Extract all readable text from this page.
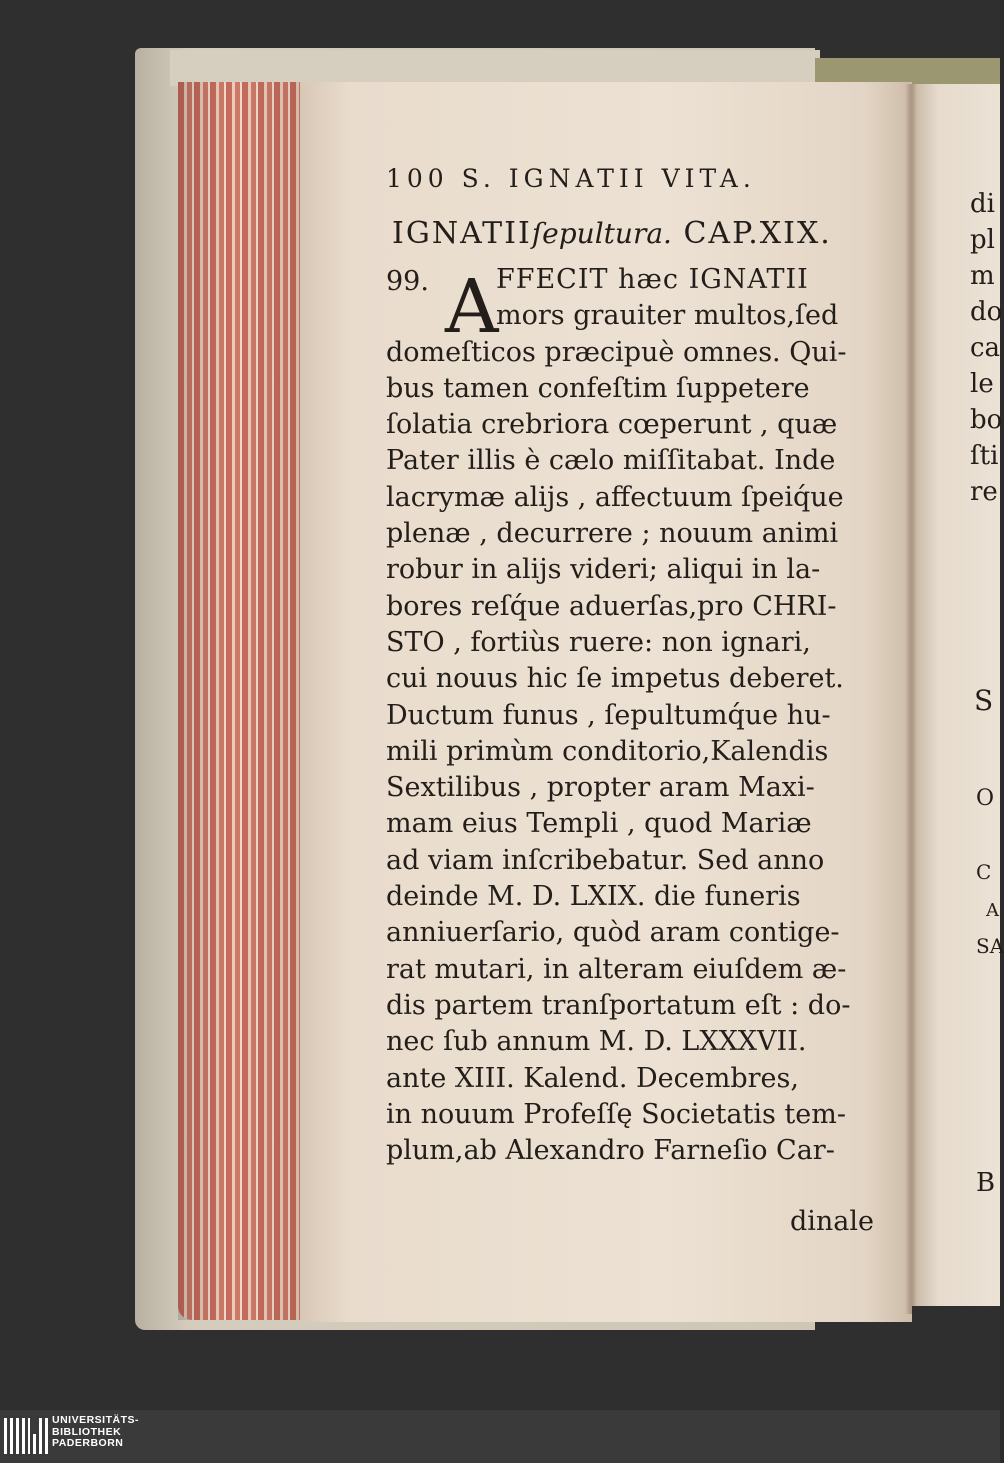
100 S. IGNATII VITA.
IGNATIIſepultura. CAP.XIX.
99. A
FFECIT hæc IGNATII
mors grauiter multos,ſed
domeſticos præcipuè omnes. Qui-
bus tamen confeſtim ſuppetere
ſolatia crebriora cœperunt , quæ
Pater illis è cælo miſſitabat. Inde
lacrymæ alijs , affectuum ſpeiq́ue
plenæ , decurrere ; nouum animi
robur in alijs videri; aliqui in la-
bores reſq́ue aduerſas,pro CHRI-
STO , fortiùs ruere: non ignari,
cui nouus hic ſe impetus deberet.
Ductum funus , ſepultumq́ue hu-
mili primùm conditorio,Kalendis
Sextilibus , propter aram Maxi-
mam eius Templi , quod Mariæ
ad viam inſcribebatur. Sed anno
deinde M. D. LXIX. die funeris
anniuerſario, quòd aram contige-
rat mutari, in alteram eiuſdem æ-
dis partem tranſportatum eſt : do-
nec ſub annum M. D. LXXXVII.
ante XIII. Kalend. Decembres,
in nouum Profeſſę Societatis tem-
plum,ab Alexandro Farneſio Car-
dinale
di
pl
m
do
ca
le
bo
ſti
re
S
O
C
A
SA
B
UNIVERSITÄTS-
BIBLIOTHEK
PADERBORN
